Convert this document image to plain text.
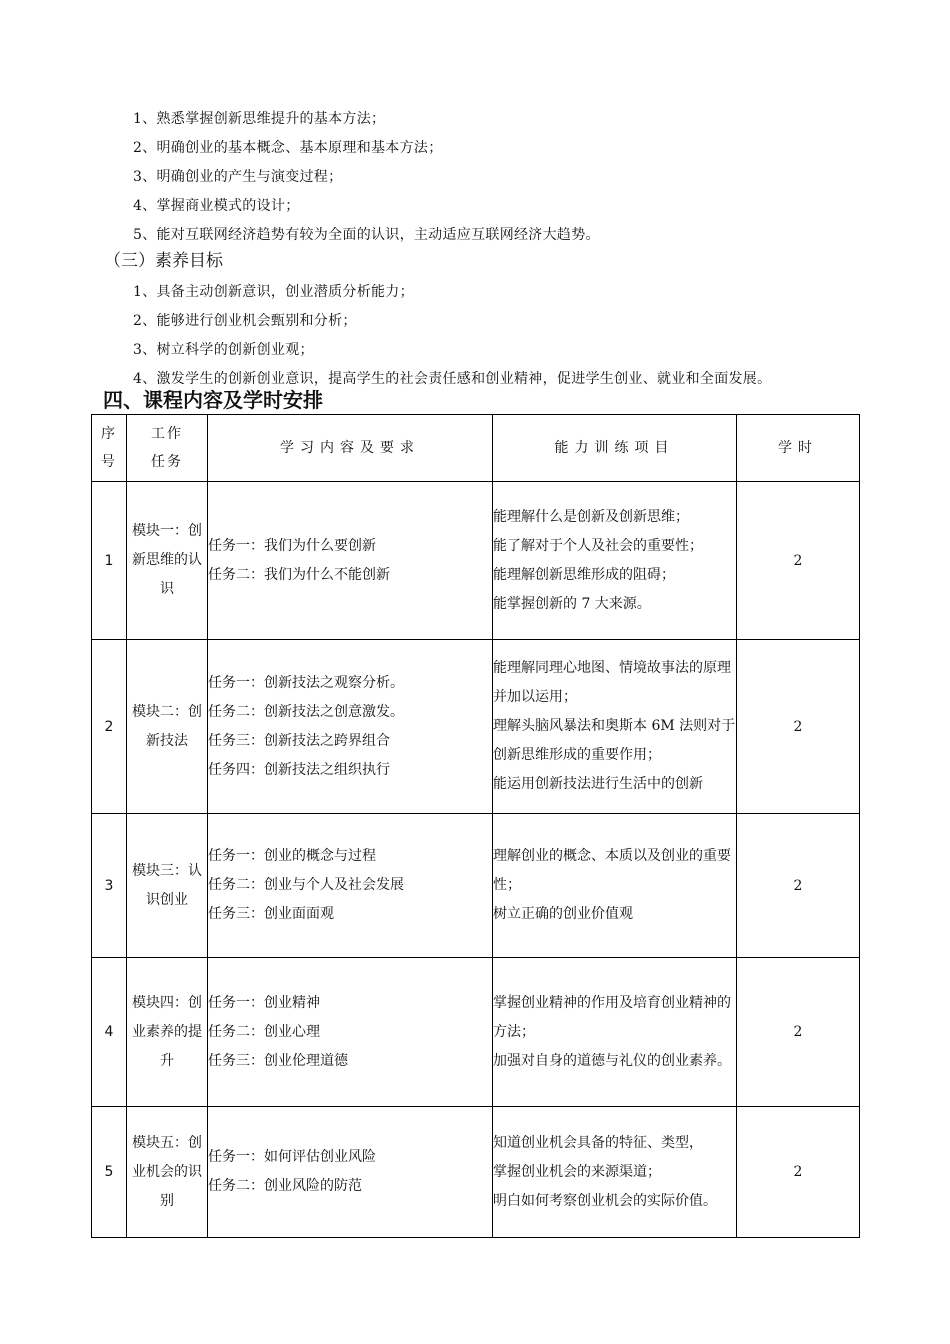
1、熟悉掌握创新思维提升的基本方法；
2、明确创业的基本概念、基本原理和基本方法；
3、明确创业的产生与演变过程；
4、掌握商业模式的设计；
5、能对互联网经济趋势有较为全面的认识，主动适应互联网经济大趋势。
（三）素养目标
1、具备主动创新意识，创业潜质分析能力；
2、能够进行创业机会甄别和分析；
3、树立科学的创新创业观；
4、激发学生的创新创业意识，提高学生的社会责任感和创业精神，促进学生创业、就业和全面发展。
四、课程内容及学时安排
序
号	工作
任务	学习内容及要求	能力训练项目	学时
1	模块一：创新思维的认识	任务一：我们为什么要创新
任务二：我们为什么不能创新	能理解什么是创新及创新思维；
能了解对于个人及社会的重要性；
能理解创新思维形成的阻碍；
能掌握创新的 7 大来源。	2
2	模块二：创新技法	任务一：创新技法之观察分析。
任务二：创新技法之创意激发。
任务三：创新技法之跨界组合
任务四：创新技法之组织执行	能理解同理心地图、情境故事法的原理并加以运用；
理解头脑风暴法和奥斯本 6M 法则对于创新思维形成的重要作用；
能运用创新技法进行生活中的创新	2
3	模块三：认识创业	任务一：创业的概念与过程
任务二：创业与个人及社会发展
任务三：创业面面观	理解创业的概念、本质以及创业的重要性；
树立正确的创业价值观	2
4	模块四：创业素养的提升	任务一：创业精神
任务二：创业心理
任务三：创业伦理道德	掌握创业精神的作用及培育创业精神的方法；
加强对自身的道德与礼仪的创业素养。	2
5	模块五：创业机会的识别	任务一：如何评估创业风险
任务二：创业风险的防范	知道创业机会具备的特征、类型，
掌握创业机会的来源渠道；
明白如何考察创业机会的实际价值。	2
